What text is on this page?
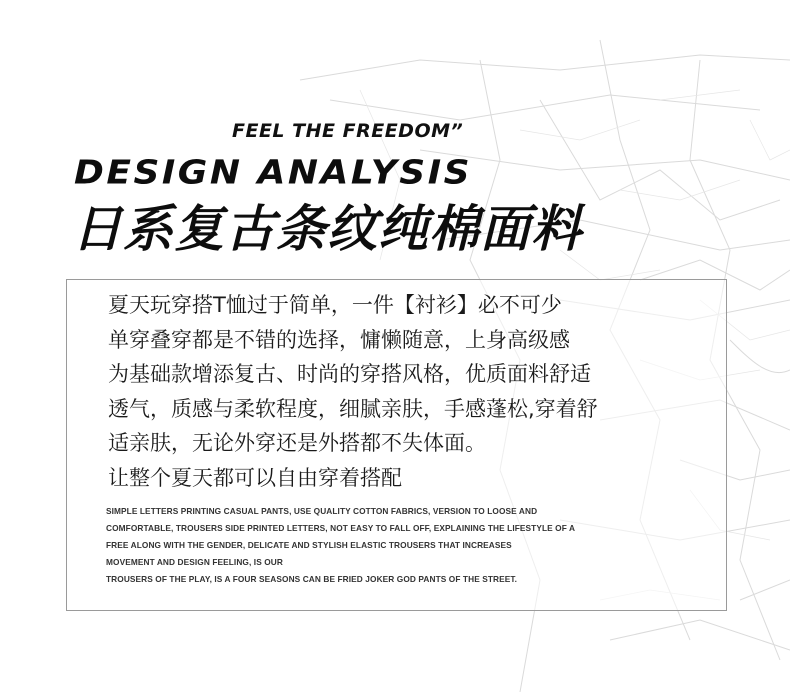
FEEL THE FREEDOM”
DESIGN ANALYSIS
日系复古条纹纯棉面料
夏天玩穿搭T恤过于简单，一件【衬衫】必不可少
单穿叠穿都是不错的选择，慵懒随意，上身高级感
为基础款增添复古、时尚的穿搭风格，优质面料舒适
透气，质感与柔软程度，细腻亲肤，手感蓬松,穿着舒
适亲肤，无论外穿还是外搭都不失体面。
让整个夏天都可以自由穿着搭配
SIMPLE LETTERS PRINTING CASUAL PANTS, USE QUALITY COTTON FABRICS, VERSION TO LOOSE AND
COMFORTABLE, TROUSERS SIDE PRINTED LETTERS, NOT EASY TO FALL OFF, EXPLAINING THE LIFESTYLE OF A
FREE ALONG WITH THE GENDER, DELICATE AND STYLISH ELASTIC TROUSERS THAT INCREASES
MOVEMENT AND DESIGN FEELING, IS OUR
TROUSERS OF THE PLAY, IS A FOUR SEASONS CAN BE FRIED JOKER GOD PANTS OF THE STREET.
